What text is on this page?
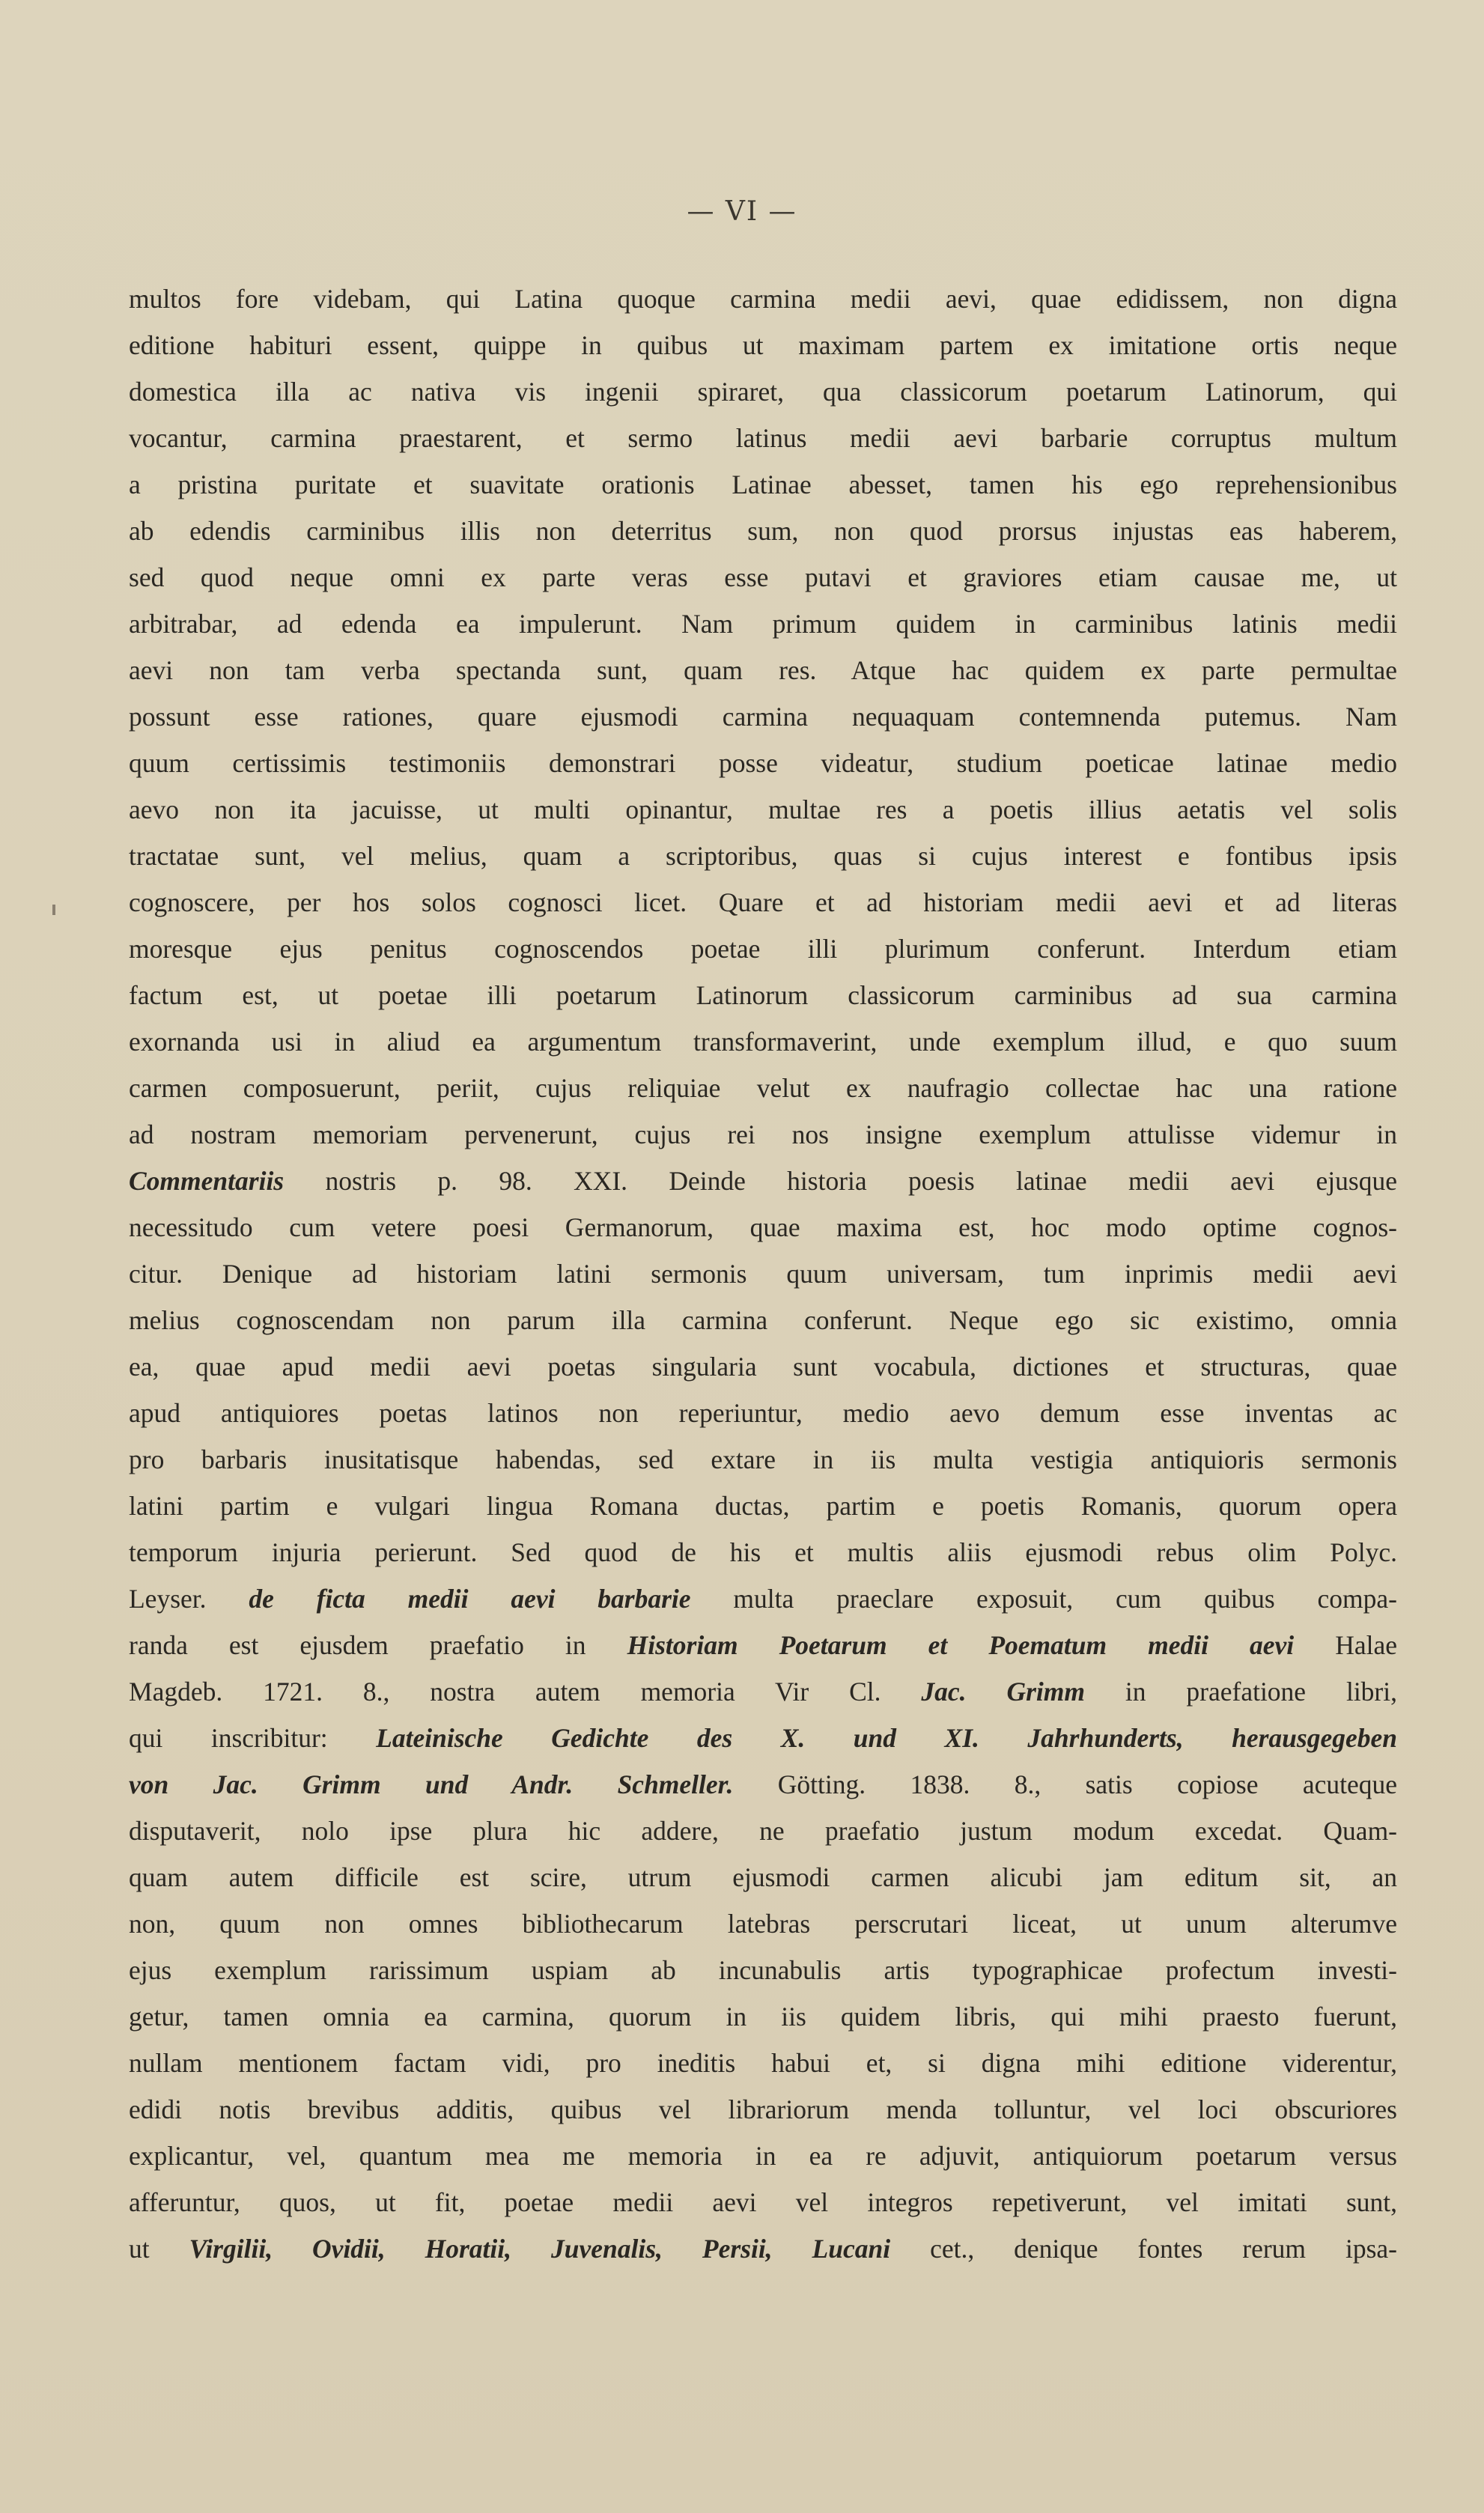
— VI —
multos fore videbam, qui Latina quoque carmina medii aevi, quae edidissem, non digna
editione habituri essent, quippe in quibus ut maximam partem ex imitatione ortis neque
domestica illa ac nativa vis ingenii spiraret, qua classicorum poetarum Latinorum, qui
vocantur, carmina praestarent, et sermo latinus medii aevi barbarie corruptus multum
a pristina puritate et suavitate orationis Latinae abesset, tamen his ego reprehensionibus
ab edendis carminibus illis non deterritus sum, non quod prorsus injustas eas haberem,
sed quod neque omni ex parte veras esse putavi et graviores etiam causae me, ut
arbitrabar, ad edenda ea impulerunt. Nam primum quidem in carminibus latinis medii
aevi non tam verba spectanda sunt, quam res. Atque hac quidem ex parte permultae
possunt esse rationes, quare ejusmodi carmina nequaquam contemnenda putemus. Nam
quum certissimis testimoniis demonstrari posse videatur, studium poeticae latinae medio
aevo non ita jacuisse, ut multi opinantur, multae res a poetis illius aetatis vel solis
tractatae sunt, vel melius, quam a scriptoribus, quas si cujus interest e fontibus ipsis
cognoscere, per hos solos cognosci licet. Quare et ad historiam medii aevi et ad literas
moresque ejus penitus cognoscendos poetae illi plurimum conferunt. Interdum etiam
factum est, ut poetae illi poetarum Latinorum classicorum carminibus ad sua carmina
exornanda usi in aliud ea argumentum transformaverint, unde exemplum illud, e quo suum
carmen composuerunt, periit, cujus reliquiae velut ex naufragio collectae hac una ratione
ad nostram memoriam pervenerunt, cujus rei nos insigne exemplum attulisse videmur in
Commentariis nostris p. 98. XXI. Deinde historia poesis latinae medii aevi ejusque
necessitudo cum vetere poesi Germanorum, quae maxima est, hoc modo optime cognos-
citur. Denique ad historiam latini sermonis quum universam, tum inprimis medii aevi
melius cognoscendam non parum illa carmina conferunt. Neque ego sic existimo, omnia
ea, quae apud medii aevi poetas singularia sunt vocabula, dictiones et structuras, quae
apud antiquiores poetas latinos non reperiuntur, medio aevo demum esse inventas ac
pro barbaris inusitatisque habendas, sed extare in iis multa vestigia antiquioris sermonis
latini partim e vulgari lingua Romana ductas, partim e poetis Romanis, quorum opera
temporum injuria perierunt. Sed quod de his et multis aliis ejusmodi rebus olim Polyc.
Leyser. de ficta medii aevi barbarie multa praeclare exposuit, cum quibus compa-
randa est ejusdem praefatio in Historiam Poetarum et Poematum medii aevi Halae
Magdeb. 1721. 8., nostra autem memoria Vir Cl. Jac. Grimm in praefatione libri,
qui inscribitur: Lateinische Gedichte des X. und XI. Jahrhunderts, herausgegeben
von Jac. Grimm und Andr. Schmeller. Götting. 1838. 8., satis copiose acuteque
disputaverit, nolo ipse plura hic addere, ne praefatio justum modum excedat. Quam-
quam autem difficile est scire, utrum ejusmodi carmen alicubi jam editum sit, an
non, quum non omnes bibliothecarum latebras perscrutari liceat, ut unum alterumve
ejus exemplum rarissimum uspiam ab incunabulis artis typographicae profectum investi-
getur, tamen omnia ea carmina, quorum in iis quidem libris, qui mihi praesto fuerunt,
nullam mentionem factam vidi, pro ineditis habui et, si digna mihi editione viderentur,
edidi notis brevibus additis, quibus vel librariorum menda tolluntur, vel loci obscuriores
explicantur, vel, quantum mea me memoria in ea re adjuvit, antiquiorum poetarum versus
afferuntur, quos, ut fit, poetae medii aevi vel integros repetiverunt, vel imitati sunt,
ut Virgilii, Ovidii, Horatii, Juvenalis, Persii, Lucani cet., denique fontes rerum ipsa-
